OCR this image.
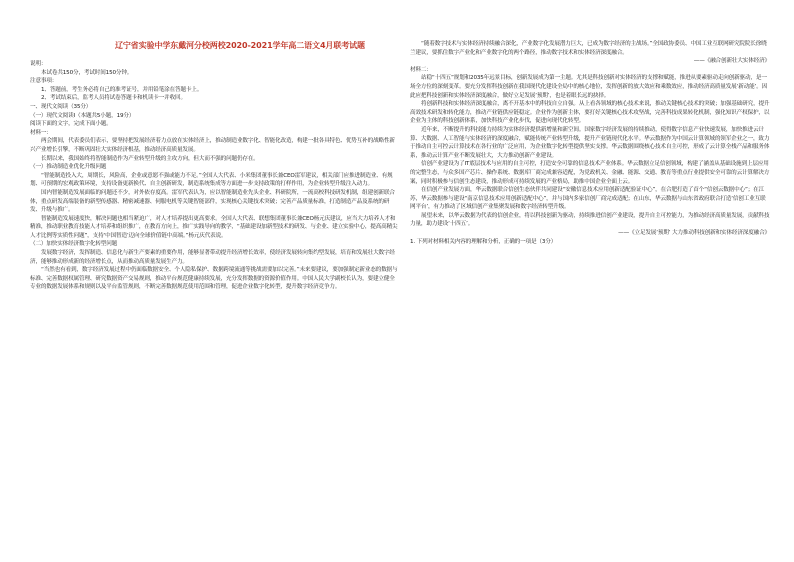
辽宁省实验中学东戴河分校两校2020-2021学年高二语文4月联考试题

说明：

本试卷共150分，考试时间150分钟。

注意事项：

1、答题前，考生务必将自己的准考证号，并用铅笔涂在答题卡上。

2、考试结束后，监考人员将试卷答题卡和机读卡一并收回。

一、现代文阅读（35分）

（一）现代文阅读Ⅰ（本题共5小题，19分）

阅读下面的文字，完成下面小题。

材料一：

两会期间，代表委员们表示，要坚持把发展经济着力点放在实体经济上，推动制造业数字化、智能化改造，构建一批各具特色、优势互补的战略性新兴产业增长引擎，不断巩固壮大实体经济根基，推动经济高质量发展。

长期以来，我国始终将智能制造作为产业转型升级的主攻方向，但大而不强的问题仍存在。

（一）推动制造业优化升级问题

“智能制造投入大，周期长，风险高，企业或意愿不强或能力不足。”全国人大代表、小米集团董事长兼CEO雷军建议，相关部门应推进制造业、有规划、可预期的宏观政策环境，支持设备更新换代、自主创新研发，制造系统集成等方面进一步支持政策的打样作用，为企业转型升级注入动力。

国内智能制造发展面临的问题还不少，对外依存度高。雷军代表认为，应以智能制造业先头企业、科研院所，一流高校科技研发机制，组建创新联合体，重点研发高端装备的新型传感器、精密减速器、伺服电机等关键智能部件，实现核心关键技术突破；完善产品质量标准，打造制造产品及系统的研发、升级与推广。

智能制造发展速度快，解决问题也相当紧迫广，对人才培养提出更高要求。全国人大代表、联想集团董事长兼CEO杨元庆建议，应当大力培养人才和精准，推动职业教育技能人才培养和组织推广，在教育方向上，推广实践导向的教学，“基础建设加新型技术的研发、与企业、建立实验中心，提高高精尖人才比例等实质性问题”，支持‘中国智造’迈向全球价值链中高端。”杨元庆代表说。

（二）加快实体经济数字化转型问题

发展数字经济，发挥制造、信息化与新生产要素的重要作用，能够显著带动提升经济增长效率，使经济发展转向集约型发展，培育和发展壮大数字经济，能够推动形成新的经济增长点，从而推动高质量发展生产力。

“当然也有看到，数字经济发展过程中仍面临数据安全、个人隐私保护、数据跨境流通等挑战需要加以完善。”未来要建议，要加强制定新业态的数据与标准、完善数据权属管理、研究数据资产交易规则，推动平台规范健康持续发展，充分发挥数据的资源价值作用。中国人民大学副校长认为，要建立健全专业的数据发展体系和规则以及平台监管规则，不断完善数据规范使用范围和管理，促进企业数字化转型，提升数字经济竞争力。

“随着数字技术与实体经济持续融合深化，产业数字化发展潜力巨大，已成为数字经济的主战场。”全国政协委员、中国工业互联网研究院院长徐晓兰建议，要抓住数字产业化和产业数字化的两个路径，推动数字技术和实体经济深度融合。

——《融合创新壮大实体经济》

材料二：

站稳“十四五”规划和2035年远景目标，创新发展成为第一主题。尤其是科技创新对实体经济的支撑和赋能，推进从要素驱动走向创新驱动，是一场全方位的深刻变革。要充分发挥科技创新在我国现代化建设全局中的核心地位，发挥创新的放大效应和乘数效应，推动经济高质量发展‘新动能’。因此应把科技创新和实体经济深度融合，做好立足发展‘预期’，也是着眼长远的抉择。

将创新科技和实体经济深度融合，离不开基本中的科技自立自强。从上看各领域的核心技术来说，推动关键核心技术的突破；加强基础研究，提升高效技术研发和转化能力，推动产业链供应链稳定。企业作为创新主体，要打好关键核心技术攻坚战，完善科技成果转化机制，强化知识产权保护，以企业为主体的科技创新体系，加快科技产业化步伐，促进向现代化转型。

近年来，不断提升的科技能力持续为实体经济提供新增量和新空间。国家数字经济发展的持续推动，使得数字信息产业快速发展，加快推进云计算、大数据、人工智能与实体经济的深度融合，赋能传统产业转型升级，提升产业链现代化水平。华云数据作为中国云计算领域的领军企业之一，致力于推动自主可控云计算技术在各行业的广泛应用，为企业数字化转型提供坚实支撑。华云数据围绕核心技术自主可控，形成了云计算全栈产品和服务体系，推动云计算产业不断发展壮大，大力推动创新产业建设。

信创产业建设为了IT底层技术与应用的自主可控，打造安全可靠的信息技术产业体系。华云数据立足信创领域，构建了涵盖从基础设施到上层应用的完整生态，与众多国产芯片、操作系统、数据库厂商完成兼容适配，为党政机关、金融、能源、交通、教育等重点行业提供安全可靠的云计算解决方案，同时积极参与信创生态建设，推动形成可持续发展的产业格局，助推中国企业全面上云。

在信创产业发展方面，华云数据联合信创生态伙伴共同建设“安徽信息技术应用创新适配验证中心”，在合肥打造了首个“信创云数据中心”；在江苏，华云数据参与建设“南京信息技术应用创新适配中心”，并与国内多家信创厂商完成适配；在山东，华云数据与山东省政府联合打造‘信创工业互联网平台’，有力推动了区域信创产业集聚发展和数字经济转型升级。

展望未来，以华云数据为代表的信创企业，将以科技创新为驱动，持续推进信创产业建设，提升自主可控能力，为推动经济高质量发展，贡献科技力量，助力建设‘十四五’。

——《立足发展‘预期’ 大力推动科技创新和实体经济深度融合》

1. 下列对材料相关内容的理解和分析，正确的一项是（3分）
